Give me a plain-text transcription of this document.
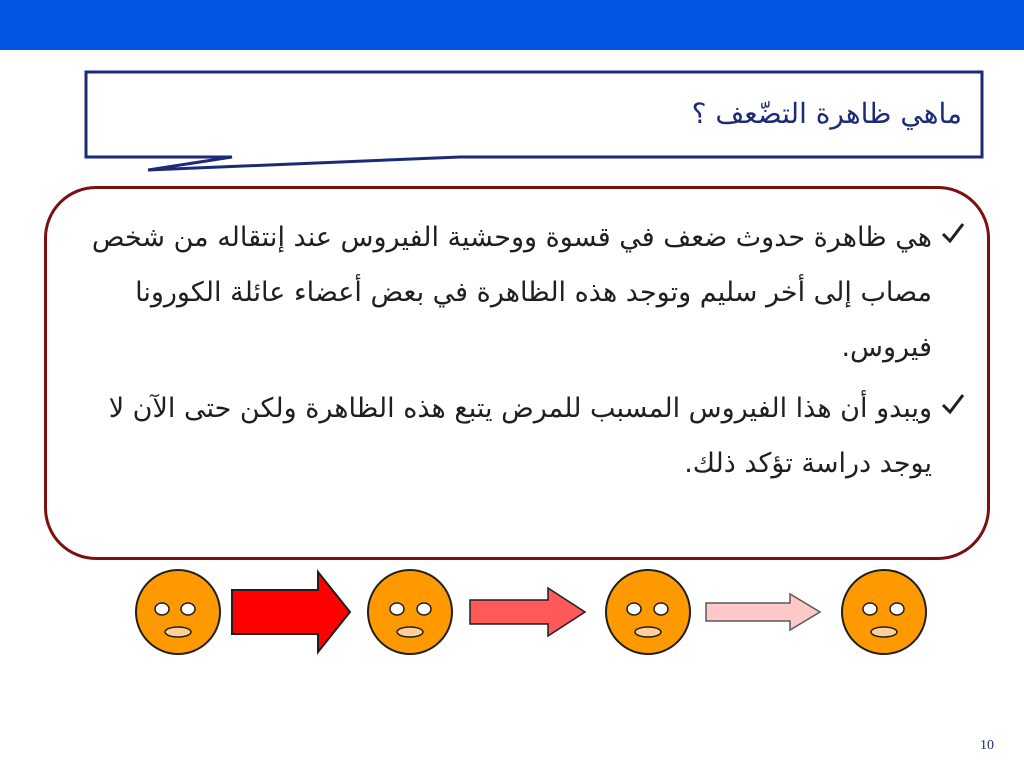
ماهي ظاهرة التضّعف ؟
هي ظاهرة حدوث ضعف في قسوة ووحشية الفيروس عند إنتقاله من شخص مصاب إلى أخر سليم وتوجد هذه الظاهرة في بعض أعضاء عائلة الكورونا فيروس.
ويبدو أن هذا الفيروس المسبب للمرض يتبع هذه الظاهرة ولكن حتى الآن لا يوجد دراسة تؤكد ذلك.
10
